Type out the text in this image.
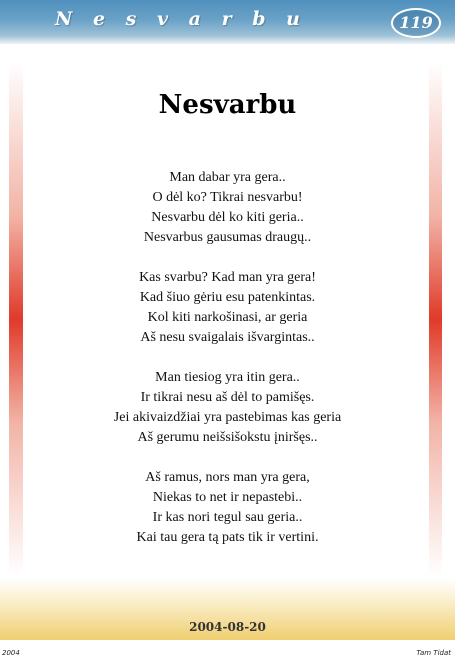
N e s v a r b u	119
Nesvarbu
Man dabar yra gera..
O dėl ko? Tikrai nesvarbu!
Nesvarbu dėl ko kiti geria..
Nesvarbus gausumas draugų..
Kas svarbu? Kad man yra gera!
Kad šiuo gėriu esu patenkintas.
Kol kiti narkošinasi, ar geria
Aš nesu svaigalais išvargintas..
Man tiesiog yra itin gera..
Ir tikrai nesu aš dėl to pamišęs.
Jei akivaizdžiai yra pastebimas kas geria
Aš gerumu neišsišokstu įniršęs..
Aš ramus, nors man yra gera,
Niekas to net ir nepastebi..
Ir kas nori tegul sau geria..
Kai tau gera tą pats tik ir vertini.
2004-08-20
2004	Tam Tidat
